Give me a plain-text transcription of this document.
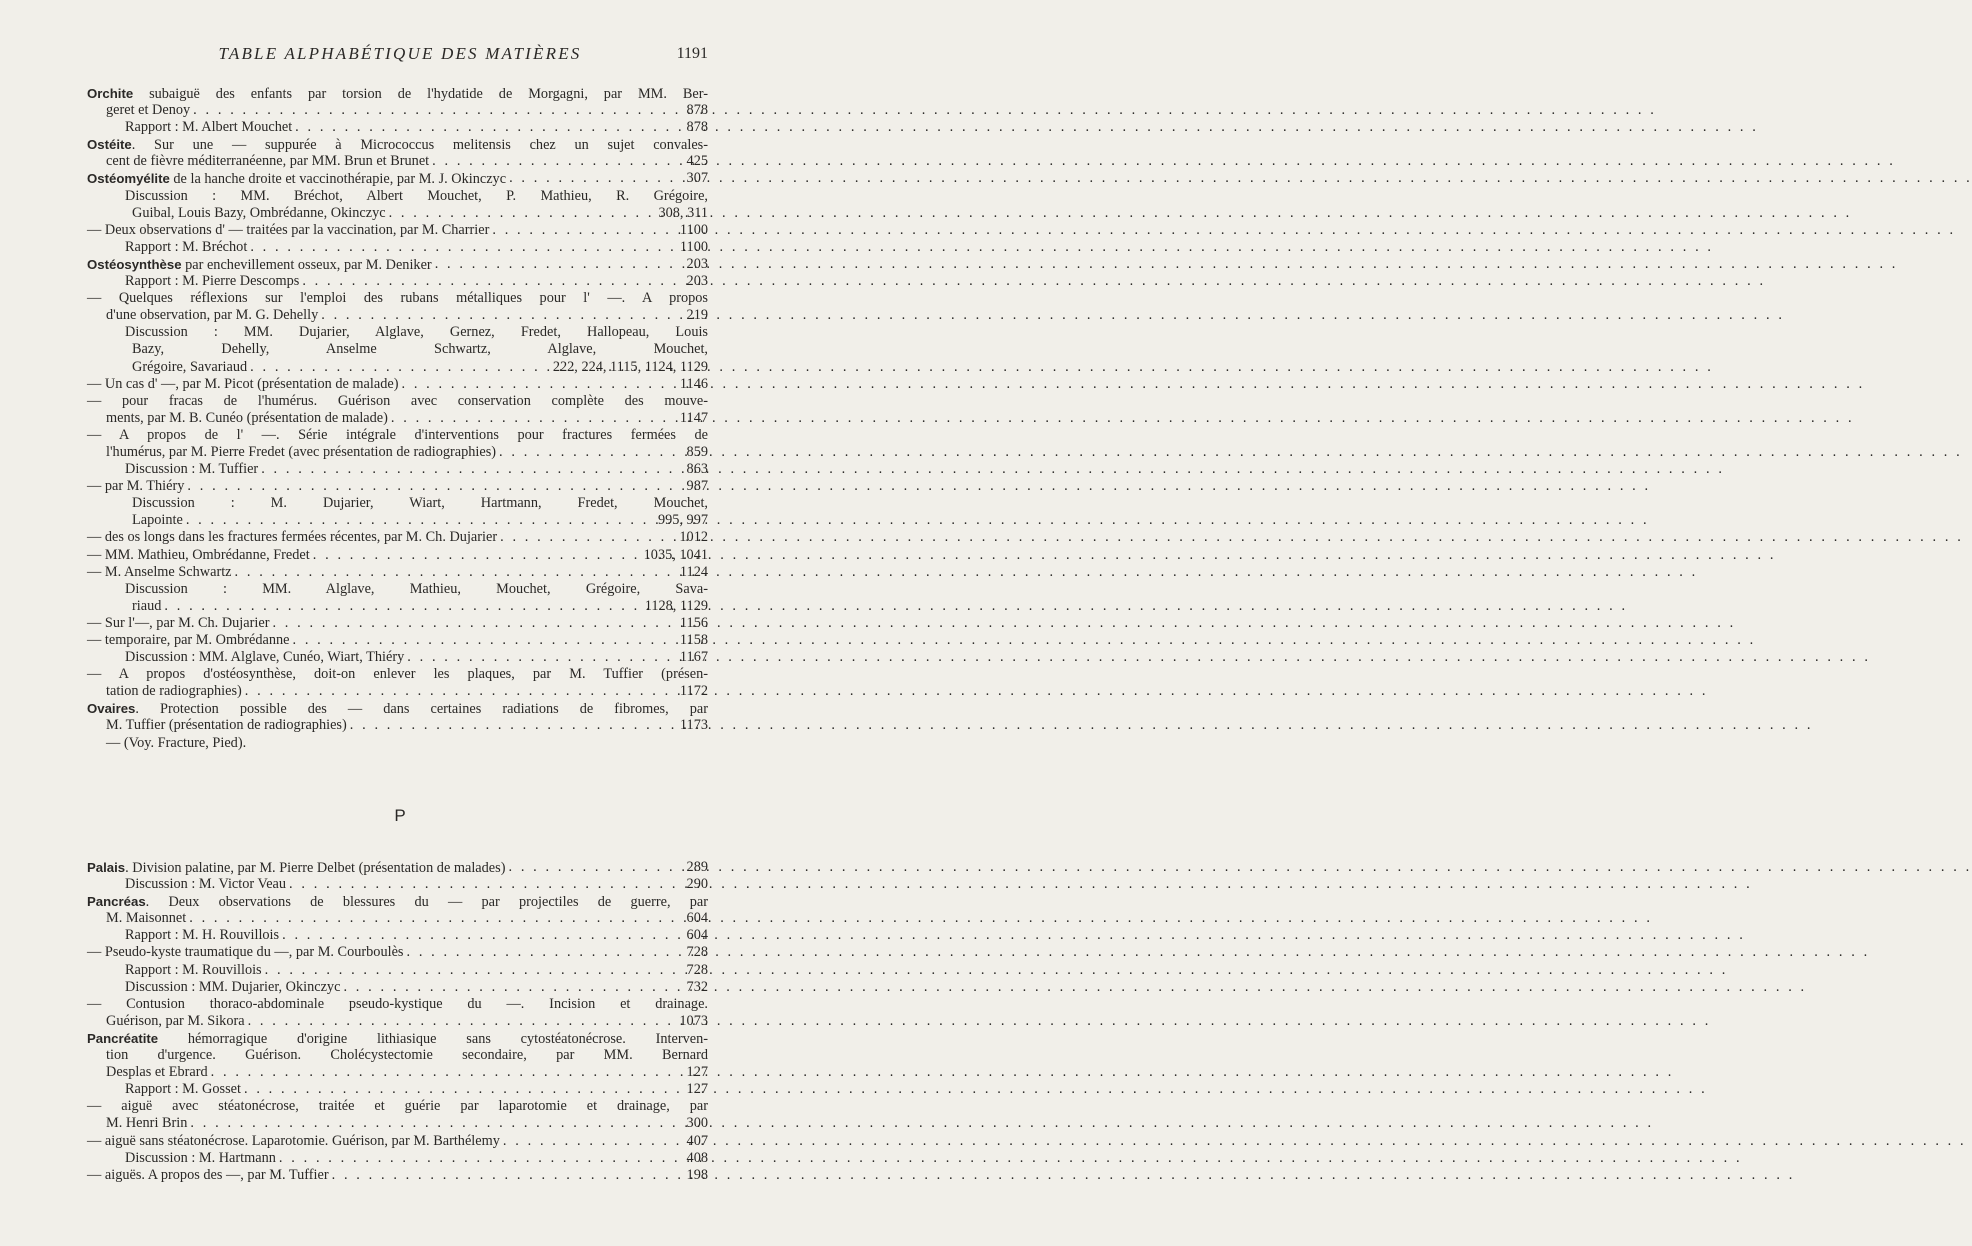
TABLE ALPHABÉTIQUE DES MATIÈRES	1191
Orchite subaiguë des enfants par torsion de l'hydatide de Morgagni, par MM. Ber-
geret et Denoy . . .	878
Rapport : M. Albert Mouchet . . .	878
Ostéite. Sur une — suppurée à Micrococcus melitensis chez un sujet convales-
cent de fièvre méditerranéenne, par MM. Brun et Brunet . . .	425
Ostéomyélite de la hanche droite et vaccinothérapie, par M. J. Okinczyc . . .	307
Discussion : MM. Bréchot, Albert Mouchet, P. Mathieu, R. Grégoire,
Guibal, Louis Bazy, Ombrédanne, Okinczyc . . .	308, 311
— Deux observations d' — traitées par la vaccination, par M. Charrier . . .	1100
Rapport : M. Bréchot . . .	1100
Ostéosynthèse par enchevillement osseux, par M. Deniker . . .	203
Rapport : M. Pierre Descomps . . .	203
— Quelques réflexions sur l'emploi des rubans métalliques pour l' —. A propos
d'une observation, par M. G. Dehelly . . .	219
Discussion : MM. Dujarier, Alglave, Gernez, Fredet, Hallopeau, Louis
Bazy, Dehelly, Anselme Schwartz, Alglave, Mouchet,
Grégoire, Savariaud . . .	222, 224, 1115, 1124, 1129
— Un cas d' —, par M. Picot (présentation de malade) . . .	1146
— pour fracas de l'humérus. Guérison avec conservation complète des mouve-
ments, par M. B. Cunéo (présentation de malade) . . .	1147
— A propos de l' —. Série intégrale d'interventions pour fractures fermées de
l'humérus, par M. Pierre Fredet (avec présentation de radiographies) . . .	859
Discussion : M. Tuffier . . .	863
— par M. Thiéry . . .	987
Discussion : M. Dujarier, Wiart, Hartmann, Fredet, Mouchet,
Lapointe . . .	995, 997
— des os longs dans les fractures fermées récentes, par M. Ch. Dujarier . . .	1012
— MM. Mathieu, Ombrédanne, Fredet . . .	1035, 1041
— M. Anselme Schwartz . . .	1124
Discussion : MM. Alglave, Mathieu, Mouchet, Grégoire, Sava-
riaud . . .	1128, 1129
— Sur l'—, par M. Ch. Dujarier . . .	1156
— temporaire, par M. Ombrédanne . . .	1158
Discussion : MM. Alglave, Cunéo, Wiart, Thiéry . . .	1167
— A propos d'ostéosynthèse, doit-on enlever les plaques, par M. Tuffier (présen-
tation de radiographies) . . .	1172
Ovaires. Protection possible des — dans certaines radiations de fibromes, par
M. Tuffier (présentation de radiographies) . . .	1173
— (Voy. Fracture, Pied).
P
Palais. Division palatine, par M. Pierre Delbet (présentation de malades) . . .	289
Discussion : M. Victor Veau . . .	290
Pancréas. Deux observations de blessures du — par projectiles de guerre, par
M. Maisonnet . . .	604
Rapport : M. H. Rouvillois . . .	604
— Pseudo-kyste traumatique du —, par M. Courboulès . . .	728
Rapport : M. Rouvillois . . .	728
Discussion : MM. Dujarier, Okinczyc . . .	732
— Contusion thoraco-abdominale pseudo-kystique du —. Incision et drainage.
Guérison, par M. Sikora . . .	1073
Pancréatite hémorragique d'origine lithiasique sans cytostéatonécrose. Interven-
tion d'urgence. Guérison. Cholécystectomie secondaire, par MM. Bernard
Desplas et Ebrard . . .	127
Rapport : M. Gosset . . .	127
— aiguë avec stéatonécrose, traitée et guérie par laparotomie et drainage, par
M. Henri Brin . . .	300
— aiguë sans stéatonécrose. Laparotomie. Guérison, par M. Barthélemy . . .	407
Discussion : M. Hartmann . . .	408
— aiguës. A propos des —, par M. Tuffier . . .	198
